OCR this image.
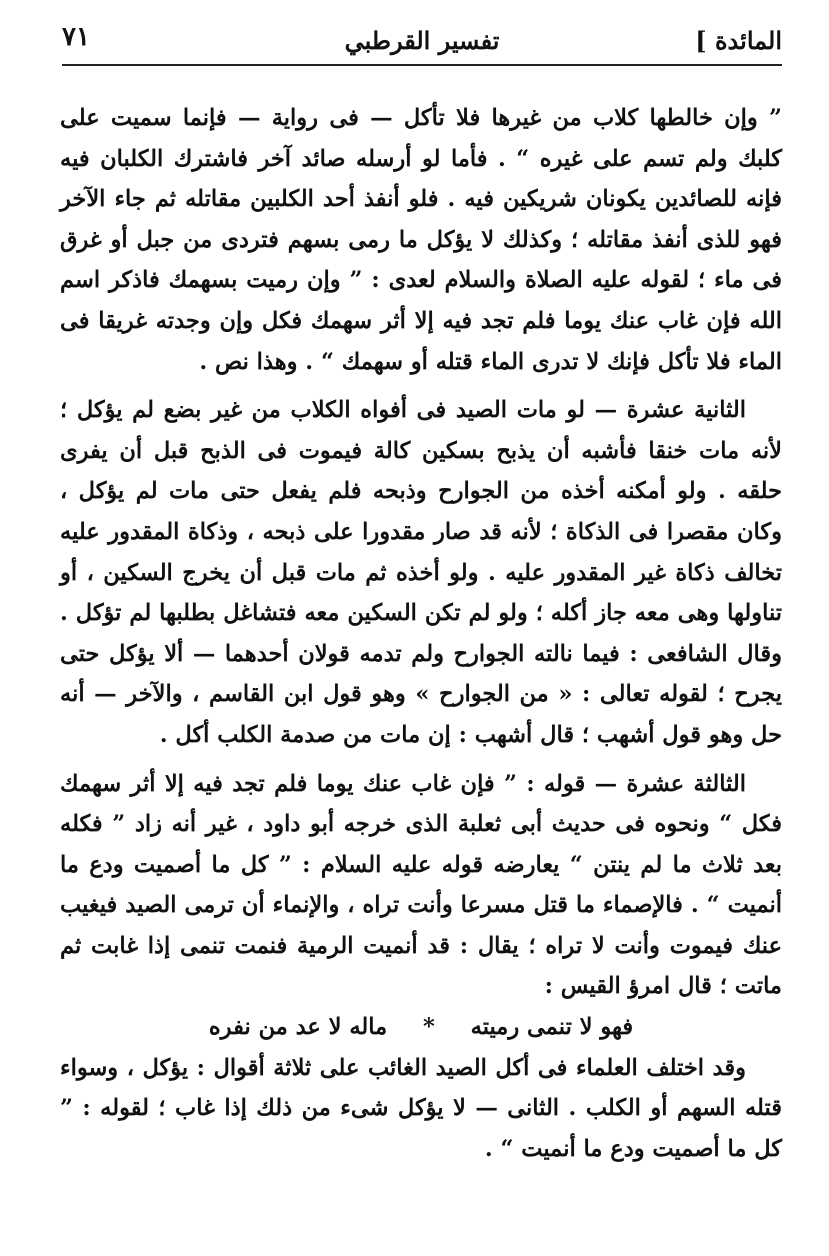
المائدة ]
تفسير القرطبي
٧١

” وإن خالطها كلاب من غيرها فلا تأكل — فى رواية — فإنما سميت على كلبك ولم تسم على غيره “ . فأما لو أرسله صائد آخر فاشترك الكلبان فيه فإنه للصائدين يكونان شريكين فيه . فلو أنفذ أحد الكلبين مقاتله ثم جاء الآخر فهو للذى أنفذ مقاتله ؛ وكذلك لا يؤكل ما رمى بسهم فتردى من جبل أو غرق فى ماء ؛ لقوله عليه الصلاة والسلام لعدى : ” وإن رميت بسهمك فاذكر اسم الله فإن غاب عنك يوما فلم تجد فيه إلا أثر سهمك فكل وإن وجدته غريقا فى الماء فلا تأكل فإنك لا تدرى الماء قتله أو سهمك “ . وهذا نص .

الثانية عشرة — لو مات الصيد فى أفواه الكلاب من غير بضع لم يؤكل ؛ لأنه مات خنقا فأشبه أن يذبح بسكين كالة فيموت فى الذبح قبل أن يفرى حلقه . ولو أمكنه أخذه من الجوارح وذبحه فلم يفعل حتى مات لم يؤكل ، وكان مقصرا فى الذكاة ؛ لأنه قد صار مقدورا على ذبحه ، وذكاة المقدور عليه تخالف ذكاة غير المقدور عليه . ولو أخذه ثم مات قبل أن يخرج السكين ، أو تناولها وهى معه جاز أكله ؛ ولو لم تكن السكين معه فتشاغل بطلبها لم تؤكل . وقال الشافعى : فيما نالته الجوارح ولم تدمه قولان أحدهما — ألا يؤكل حتى يجرح ؛ لقوله تعالى : « من الجوارح » وهو قول ابن القاسم ، والآخر — أنه حل وهو قول أشهب ؛ قال أشهب : إن مات من صدمة الكلب أكل .

الثالثة عشرة — قوله : ” فإن غاب عنك يوما فلم تجد فيه إلا أثر سهمك فكل “ ونحوه فى حديث أبى ثعلبة الذى خرجه أبو داود ، غير أنه زاد ” فكله بعد ثلاث ما لم ينتن “ يعارضه قوله عليه السلام : ” كل ما أصميت ودع ما أنميت “ . فالإصماء ما قتل مسرعا وأنت تراه ، والإنماء أن ترمى الصيد فيغيب عنك فيموت وأنت لا تراه ؛ يقال : قد أنميت الرمية فنمت تنمى إذا غابت ثم ماتت ؛ قال امرؤ القيس :

فهو لا تنمى رميته * ماله لا عد من نفره

وقد اختلف العلماء فى أكل الصيد الغائب على ثلاثة أقوال : يؤكل ، وسواء قتله السهم أو الكلب . الثانى — لا يؤكل شىء من ذلك إذا غاب ؛ لقوله : ” كل ما أصميت ودع ما أنميت “ .
